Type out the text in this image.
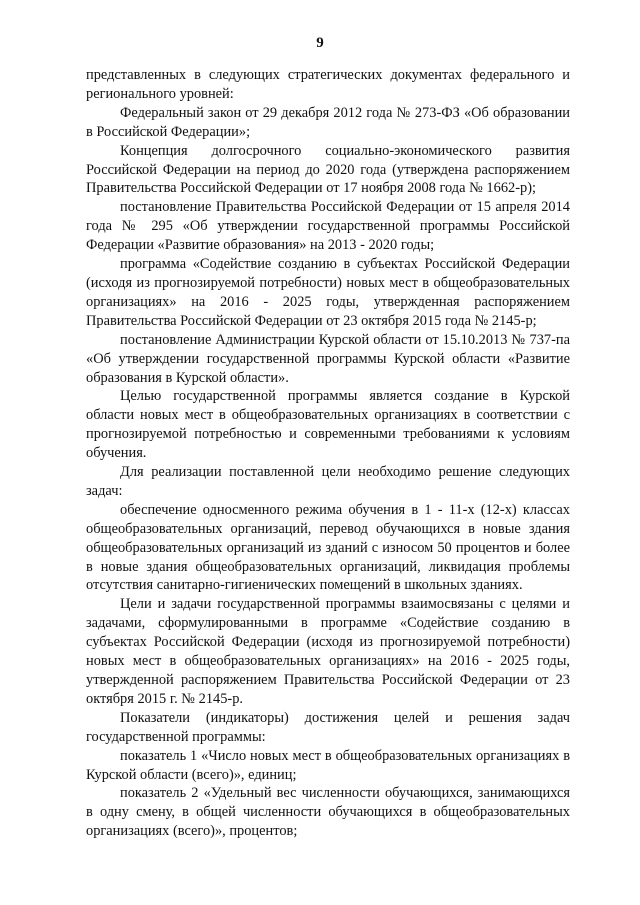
9

представленных в следующих стратегических документах федерального и регионального уровней:

Федеральный закон от 29 декабря 2012 года № 273-ФЗ «Об образовании в Российской Федерации»;

Концепция долгосрочного социально-экономического развития Российской Федерации на период до 2020 года (утверждена распоряжением Правительства Российской Федерации от 17 ноября 2008 года № 1662-р);

постановление Правительства Российской Федерации от 15 апреля 2014 года № 295 «Об утверждении государственной программы Российской Федерации «Развитие образования» на 2013 - 2020 годы;

программа «Содействие созданию в субъектах Российской Федерации (исходя из прогнозируемой потребности) новых мест в общеобразовательных организациях» на 2016 - 2025 годы, утвержденная распоряжением Правительства Российской Федерации от 23 октября 2015 года № 2145-р;

постановление Администрации Курской области от 15.10.2013 № 737-па «Об утверждении государственной программы Курской области «Развитие образования в Курской области».

Целью государственной программы является создание в Курской области новых мест в общеобразовательных организациях в соответствии с прогнозируемой потребностью и современными требованиями к условиям обучения.

Для реализации поставленной цели необходимо решение следующих задач:

обеспечение односменного режима обучения в 1 - 11-х (12-х) классах общеобразовательных организаций, перевод обучающихся в новые здания общеобразовательных организаций из зданий с износом 50 процентов и более в новые здания общеобразовательных организаций, ликвидация проблемы отсутствия санитарно-гигиенических помещений в школьных зданиях.

Цели и задачи государственной программы взаимосвязаны с целями и задачами, сформулированными в программе «Содействие созданию в субъектах Российской Федерации (исходя из прогнозируемой потребности) новых мест в общеобразовательных организациях» на 2016 - 2025 годы, утвержденной распоряжением Правительства Российской Федерации от 23 октября 2015 г. № 2145-р.

Показатели (индикаторы) достижения целей и решения задач государственной программы:

показатель 1 «Число новых мест в общеобразовательных организациях в Курской области (всего)», единиц;

показатель 2 «Удельный вес численности обучающихся, занимающихся в одну смену, в общей численности обучающихся в общеобразовательных организациях (всего)», процентов;
